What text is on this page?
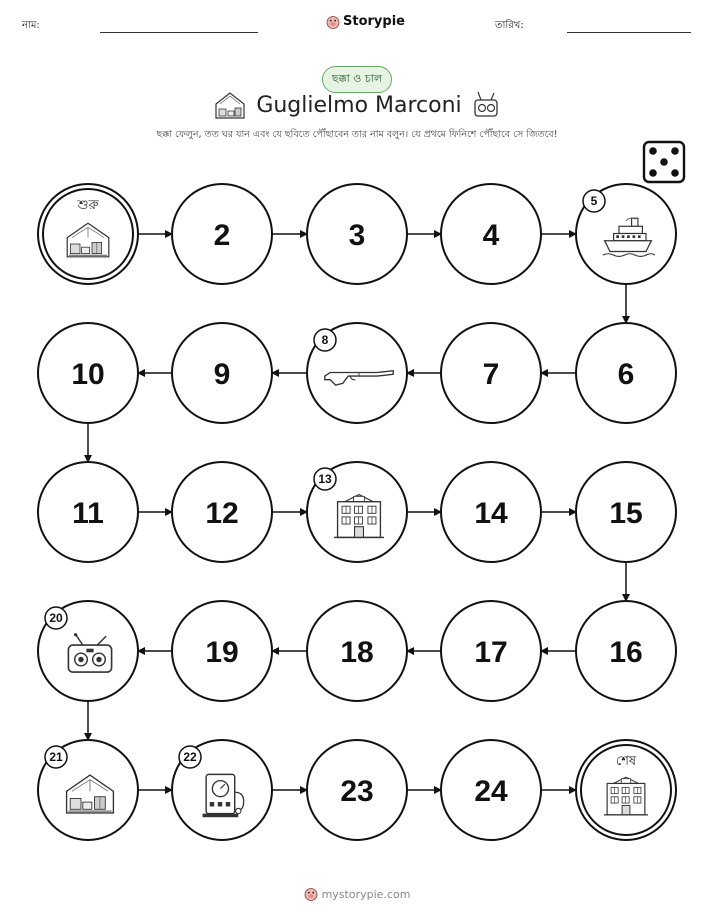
নাম:	Storypie	তারিখ:
ছক্কা ও চাল
Guglielmo Marconi
ছক্কা ফেলুন, তত ঘর যান এবং যে ছবিতে পৌঁছাবেন তার নাম বলুন। যে প্রথমে ফিনিশে পৌঁছাবে সে জিতবে!
শুরু
2	3	4
5
6
7
8
9
10
11	12
13
14	15
16
17
18
19
20
21	22
23	24
শেষ
mystorypie.com
